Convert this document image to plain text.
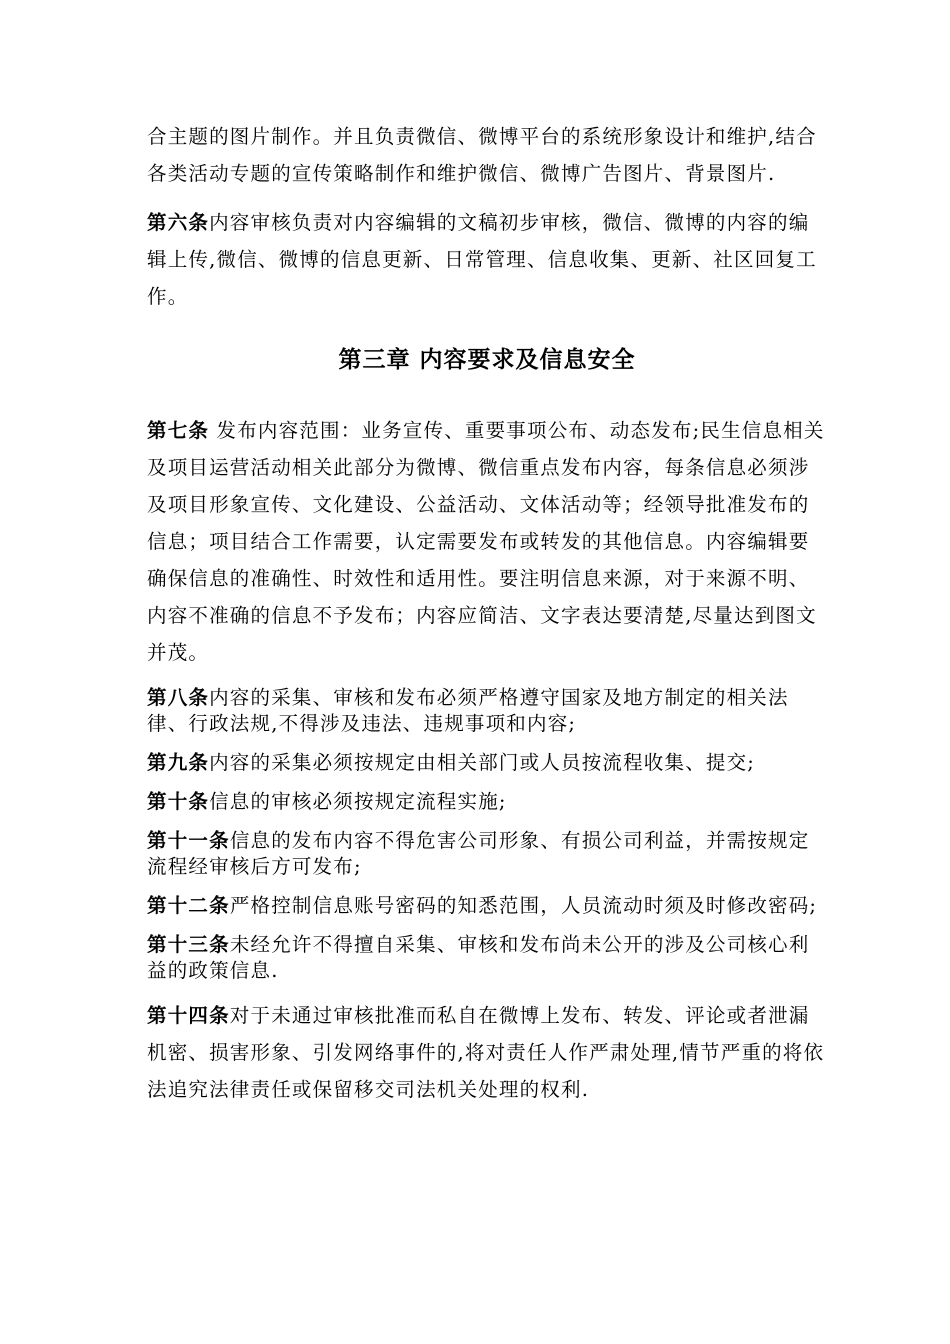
合主题的图片制作。并且负责微信、微博平台的系统形象设计和维护,结合各类活动专题的宣传策略制作和维护微信、微博广告图片、背景图片.

第六条内容审核负责对内容编辑的文稿初步审核，微信、微博的内容的编辑上传,微信、微博的信息更新、日常管理、信息收集、更新、社区回复工作。

第三章 内容要求及信息安全

第七条 发布内容范围：业务宣传、重要事项公布、动态发布;民生信息相关及项目运营活动相关此部分为微博、微信重点发布内容，每条信息必须涉及项目形象宣传、文化建设、公益活动、文体活动等；经领导批准发布的信息；项目结合工作需要，认定需要发布或转发的其他信息。内容编辑要确保信息的准确性、时效性和适用性。要注明信息来源，对于来源不明、内容不准确的信息不予发布；内容应简洁、文字表达要清楚,尽量达到图文并茂。

第八条内容的采集、审核和发布必须严格遵守国家及地方制定的相关法律、行政法规,不得涉及违法、违规事项和内容;

第九条内容的采集必须按规定由相关部门或人员按流程收集、提交;

第十条信息的审核必须按规定流程实施;

第十一条信息的发布内容不得危害公司形象、有损公司利益，并需按规定流程经审核后方可发布;

第十二条严格控制信息账号密码的知悉范围，人员流动时须及时修改密码;

第十三条未经允许不得擅自采集、审核和发布尚未公开的涉及公司核心利益的政策信息.

第十四条对于未通过审核批准而私自在微博上发布、转发、评论或者泄漏机密、损害形象、引发网络事件的,将对责任人作严肃处理,情节严重的将依法追究法律责任或保留移交司法机关处理的权利.
